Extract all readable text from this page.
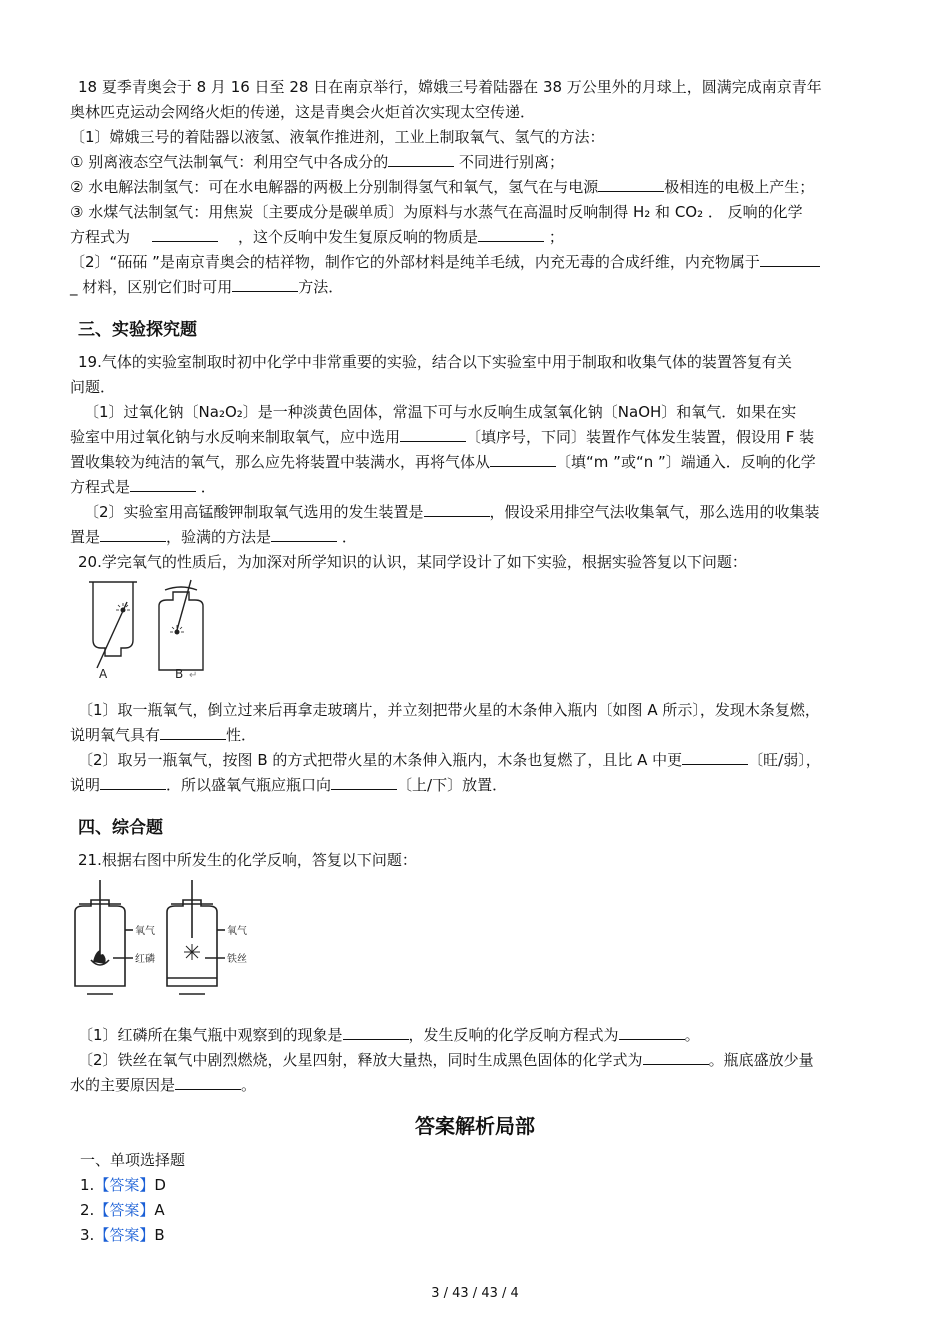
18 夏季青奥会于 8 月 16 日至 28 日在南京举行，嫦娥三号着陆器在 38 万公里外的月球上，圆满完成南京青年
奥林匹克运动会网络火炬的传递，这是青奥会火炬首次实现太空传递．
〔1〕嫦娥三号的着陆器以液氢、液氧作推进剂，工业上制取氧气、氢气的方法：
① 别离液态空气法制氧气：利用空气中各成分的	不同进行别离；
② 水电解法制氢气：可在水电解器的两极上分别制得氢气和氧气，氢气在与电源	极相连的电极上产生；
③ 水煤气法制氢气：用焦炭〔主要成分是碳单质〕为原料与水蒸气在高温时反响制得 H₂ 和 CO₂ ． 反响的化学
方程式为	，这个反响中发生复原反响的物质是	；
〔2〕“砳砳 ”是南京青奥会的桔祥物，制作它的外部材料是纯羊毛绒，内充无毒的合成纤维，内充物属于
_ 材料，区别它们时可用	方法．
三、实验探究题
19.气体的实验室制取时初中化学中非常重要的实验，结合以下实验室中用于制取和收集气体的装置答复有关
问题．
〔1〕过氧化钠〔Na₂O₂〕是一种淡黄色固体，常温下可与水反响生成氢氧化钠〔NaOH〕和氧气．如果在实
验室中用过氧化钠与水反响来制取氧气，应中选用	〔填序号，下同〕装置作气体发生装置，假设用 F 装
置收集较为纯洁的氧气，那么应先将装置中装满水，再将气体从	〔填“m ”或“n ”〕端通入．反响的化学
方程式是	．
〔2〕实验室用高锰酸钾制取氧气选用的发生装置是	，假设采用排空气法收集氧气，那么选用的收集装
置是	，验满的方法是	．
20.学完氧气的性质后，为加深对所学知识的认识，某同学设计了如下实验，根据实验答复以下问题：
A	B ↵
〔1〕取一瓶氧气，倒立过来后再拿走玻璃片，并立刻把带火星的木条伸入瓶内〔如图 A 所示〕，发现木条复燃，
说明氧气具有	性．
〔2〕取另一瓶氧气，按图 B 的方式把带火星的木条伸入瓶内，木条也复燃了，且比 A 中更	〔旺/弱〕，
说明	．所以盛氧气瓶应瓶口向	〔上/下〕放置．
四、综合题
21.根据右图中所发生的化学反响，答复以下问题：
氧气
红磷
氧气
铁丝
〔1〕红磷所在集气瓶中观察到的现象是	，发生反响的化学反响方程式为	。
〔2〕铁丝在氧气中剧烈燃烧，火星四射，释放大量热，同时生成黑色固体的化学式为	。瓶底盛放少量
水的主要原因是	。
答案解析局部
一、单项选择题
1.【答案】D
2.【答案】A
3.【答案】B
3 / 43 / 43 / 4
